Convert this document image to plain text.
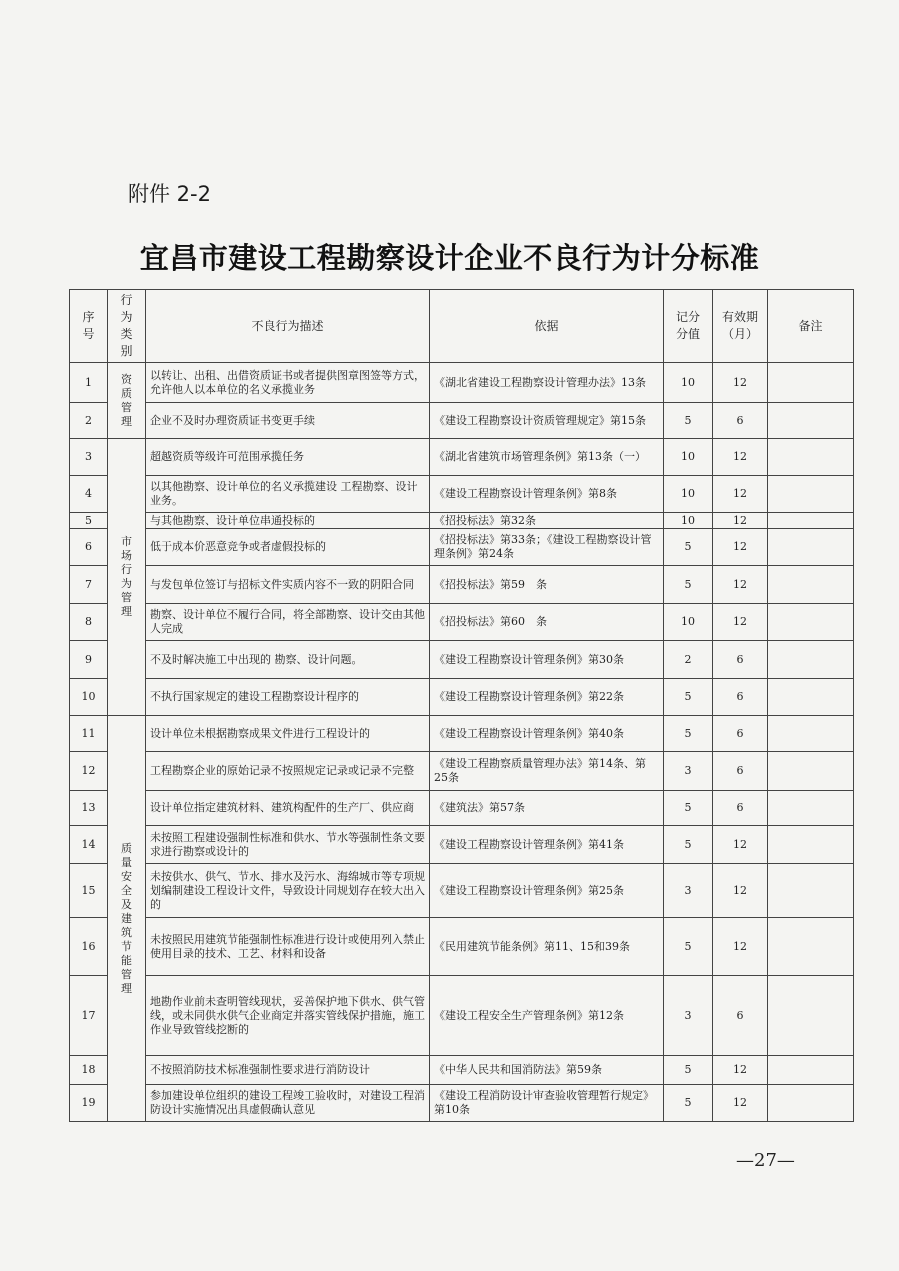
附件 2-2
宜昌市建设工程勘察设计企业不良行为计分标准
序号	行为类别	不良行为描述	依据	记分分值	有效期（月）	备注
1	资质管理	以转让、出租、出借资质证书或者提供图章图签等方式，允许他人以本单位的名义承揽业务	《湖北省建设工程勘察设计管理办法》13条	10	12	
2		企业不及时办理资质证书变更手续	《建设工程勘察设计资质管理规定》第15条	5	6	
3	市场行为管理	超越资质等级许可范围承揽任务	《湖北省建筑市场管理条例》第13条（一）	10	12	
4		以其他勘察、设计单位的名义承揽建设 工程勘察、设计业务。	《建设工程勘察设计管理条例》第8条	10	12	
5		与其他勘察、设计单位串通投标的	《招投标法》第32条	10	12	
6		低于成本价恶意竞争或者虚假投标的	《招投标法》第33条；《建设工程勘察设计管理条例》第24条	5	12	
7		与发包单位签订与招标文件实质内容不一致的阴阳合同	《招投标法》第59　条	5	12	
8		勘察、设计单位不履行合同，将全部勘察、设计交由其他人完成	《招投标法》第60　条	10	12	
9		不及时解决施工中出现的 勘察、设计问题。	《建设工程勘察设计管理条例》第30条	2	6	
10		不执行国家规定的建设工程勘察设计程序的	《建设工程勘察设计管理条例》第22条	5	6	
11	质量安全及建筑节能管理	设计单位未根据勘察成果文件进行工程设计的	《建设工程勘察设计管理条例》第40条	5	6	
12		工程勘察企业的原始记录不按照规定记录或记录不完整	《建设工程勘察质量管理办法》第14条、第25条	3	6	
13		设计单位指定建筑材料、建筑构配件的生产厂、供应商	《建筑法》第57条	5	6	
14		未按照工程建设强制性标准和供水、节水等强制性条文要求进行勘察或设计的	《建设工程勘察设计管理条例》第41条	5	12	
15		未按供水、供气、节水、排水及污水、海绵城市等专项规划编制建设工程设计文件，导致设计同规划存在较大出入的	《建设工程勘察设计管理条例》第25条	3	12	
16		未按照民用建筑节能强制性标准进行设计或使用列入禁止使用目录的技术、工艺、材料和设备	《民用建筑节能条例》第11、15和39条	5	12	
17		地勘作业前未查明管线现状，妥善保护地下供水、供气管线，或未同供水供气企业商定并落实管线保护措施，施工作业导致管线挖断的	《建设工程安全生产管理条例》第12条	3	6	
18		不按照消防技术标准强制性要求进行消防设计	《中华人民共和国消防法》第59条	5	12	
19		参加建设单位组织的建设工程竣工验收时，对建设工程消防设计实施情况出具虚假确认意见	《建设工程消防设计审查验收管理暂行规定》第10条	5	12	
—27—
